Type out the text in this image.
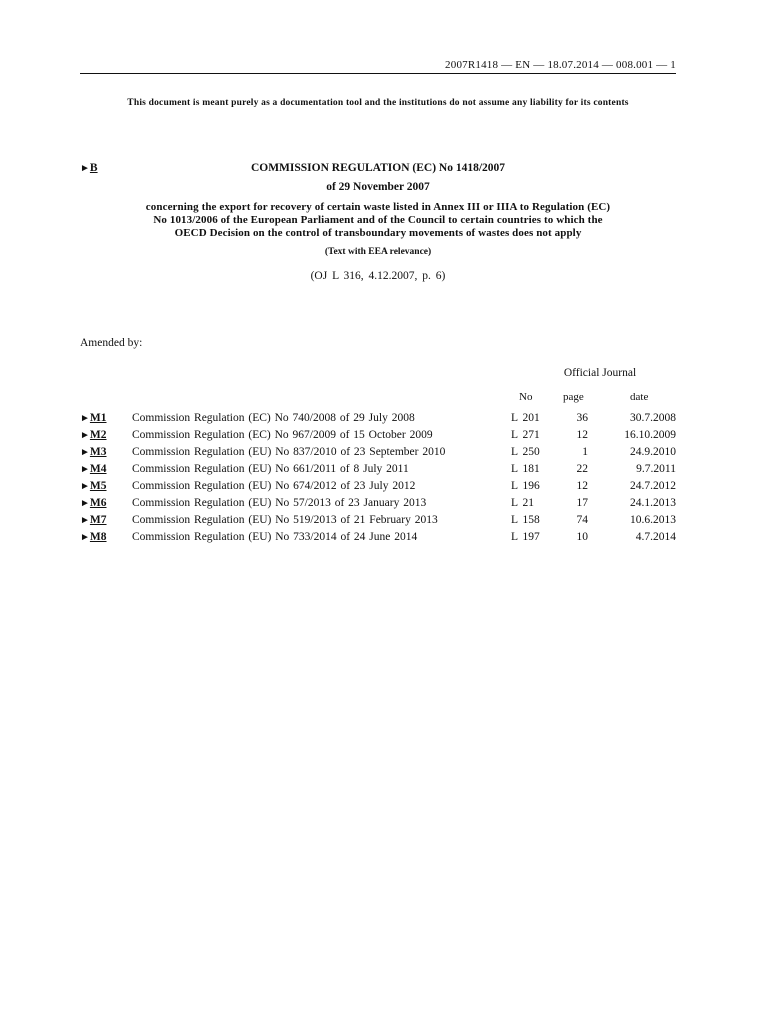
2007R1418 — EN — 18.07.2014 — 008.001 — 1
This document is meant purely as a documentation tool and the institutions do not assume any liability for its contents
►B	COMMISSION REGULATION (EC) No 1418/2007
of 29 November 2007
concerning the export for recovery of certain waste listed in Annex III or IIIA to Regulation (EC)
No 1013/2006 of the European Parliament and of the Council to certain countries to which the
OECD Decision on the control of transboundary movements of wastes does not apply
(Text with EEA relevance)
(OJ L 316, 4.12.2007, p. 6)
Amended by:
Official Journal
No	page	date
►M1 Commission Regulation (EC) No 740/2008 of 29 July 2008	L 201	36	30.7.2008
►M2 Commission Regulation (EC) No 967/2009 of 15 October 2009	L 271	12	16.10.2009
►M3 Commission Regulation (EU) No 837/2010 of 23 September 2010	L 250	1	24.9.2010
►M4 Commission Regulation (EU) No 661/2011 of 8 July 2011	L 181	22	9.7.2011
►M5 Commission Regulation (EU) No 674/2012 of 23 July 2012	L 196	12	24.7.2012
►M6 Commission Regulation (EU) No 57/2013 of 23 January 2013	L 21	17	24.1.2013
►M7 Commission Regulation (EU) No 519/2013 of 21 February 2013	L 158	74	10.6.2013
►M8 Commission Regulation (EU) No 733/2014 of 24 June 2014	L 197	10	4.7.2014
